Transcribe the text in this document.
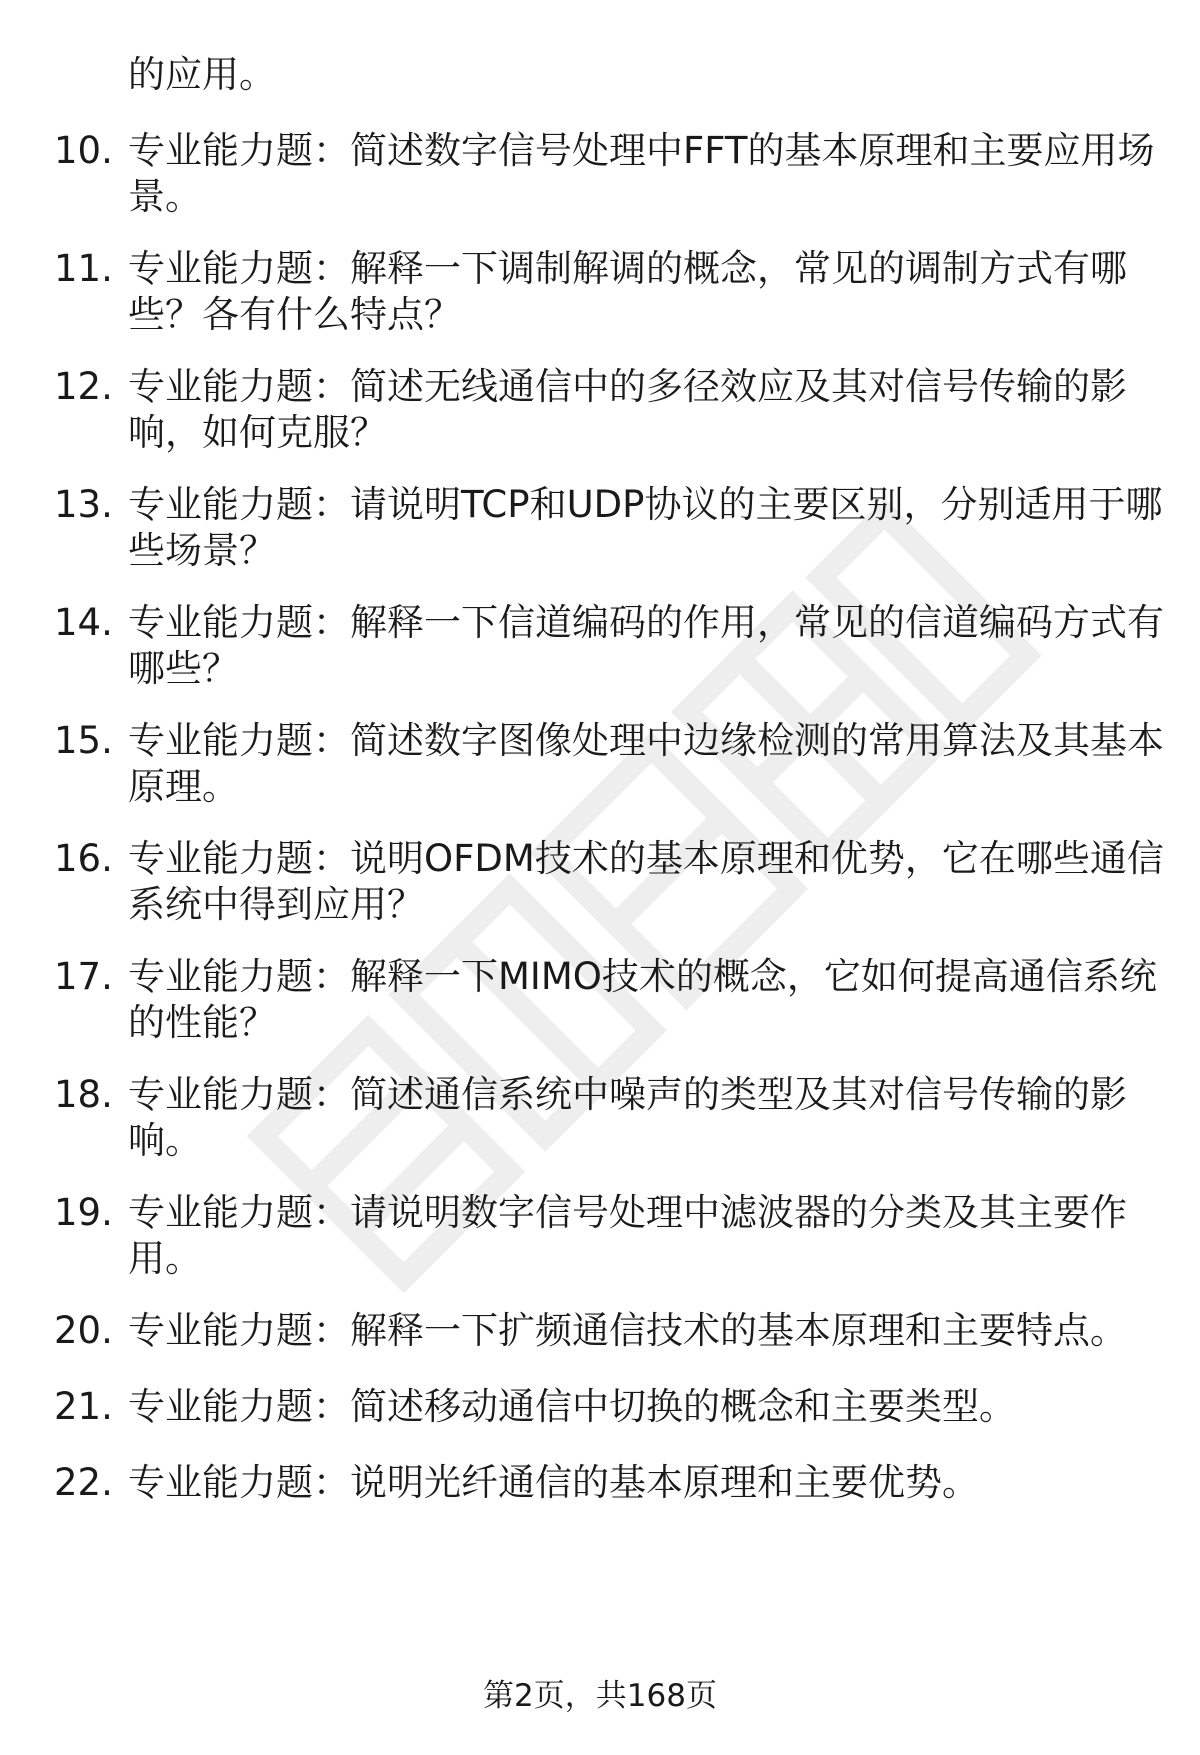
的应用。
10. 专业能力题：简述数字信号处理中FFT的基本原理和主要应用场
景。
11. 专业能力题：解释一下调制解调的概念，常见的调制方式有哪
些？各有什么特点？
12. 专业能力题：简述无线通信中的多径效应及其对信号传输的影
响，如何克服？
13. 专业能力题：请说明TCP和UDP协议的主要区别，分别适用于哪
些场景？
14. 专业能力题：解释一下信道编码的作用，常见的信道编码方式有
哪些？
15. 专业能力题：简述数字图像处理中边缘检测的常用算法及其基本
原理。
16. 专业能力题：说明OFDM技术的基本原理和优势，它在哪些通信
系统中得到应用？
17. 专业能力题：解释一下MIMO技术的概念，它如何提高通信系统
的性能？
18. 专业能力题：简述通信系统中噪声的类型及其对信号传输的影
响。
19. 专业能力题：请说明数字信号处理中滤波器的分类及其主要作
用。
20. 专业能力题：解释一下扩频通信技术的基本原理和主要特点。
21. 专业能力题：简述移动通信中切换的概念和主要类型。
22. 专业能力题：说明光纤通信的基本原理和主要优势。
第2页，共168页
